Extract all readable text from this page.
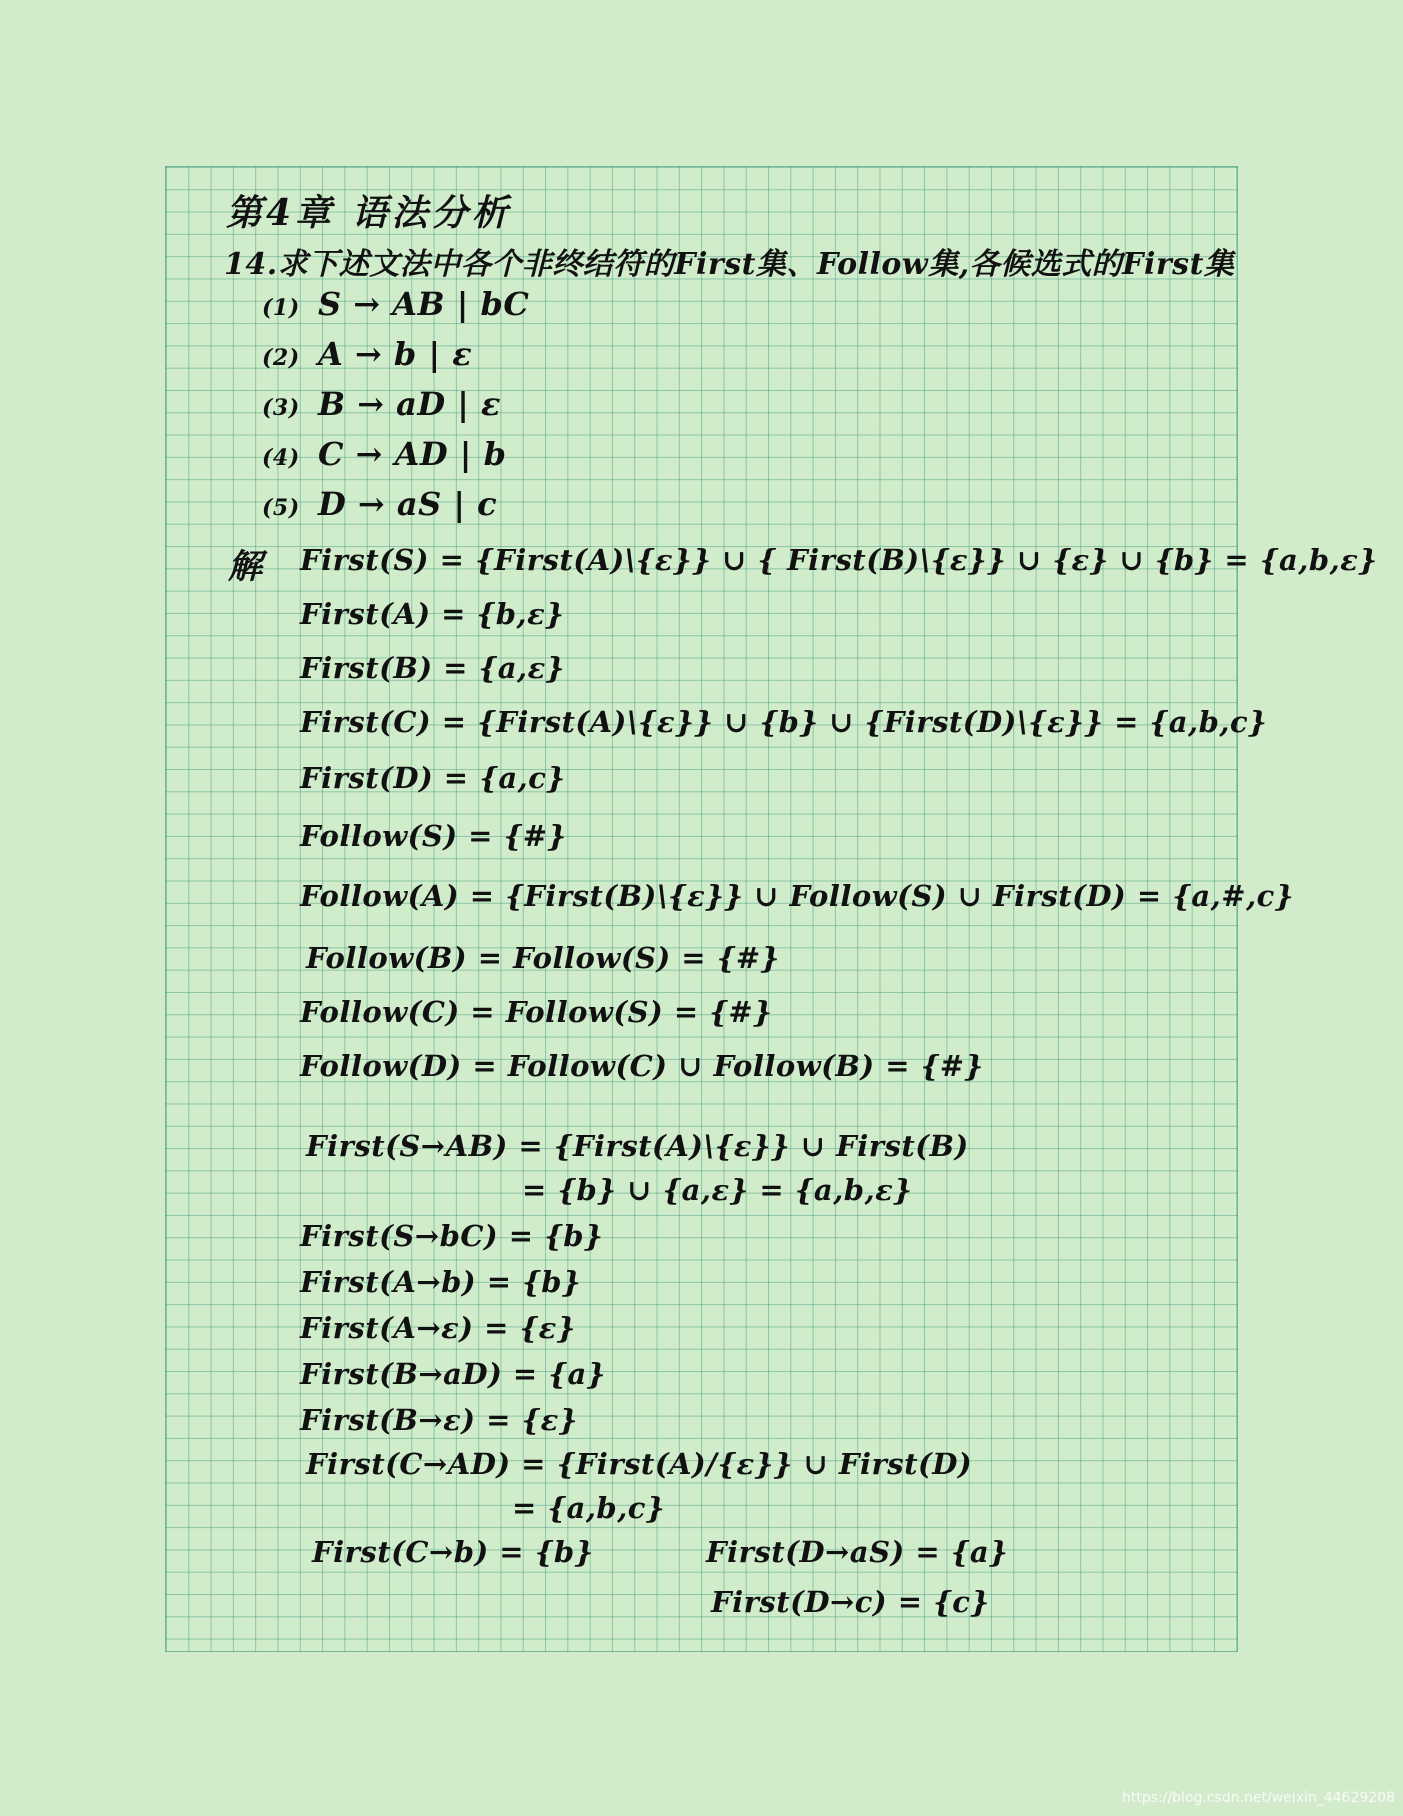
第4章 语法分析
14.求下述文法中各个非终结符的First集、Follow集,各候选式的First集
(1) S → AB | bC
(2) A → b | ε
(3) B → aD | ε
(4) C → AD | b
(5) D → aS | c
解 First(S) = {First(A)\{ε}} ∪ { First(B)\{ε}} ∪ {ε} ∪ {b} = {a,b,ε}
First(A) = {b,ε}
First(B) = {a,ε}
First(C) = {First(A)\{ε}} ∪ {b} ∪ {First(D)\{ε}} = {a,b,c}
First(D) = {a,c}
Follow(S) = {#}
Follow(A) = {First(B)\{ε}} ∪ Follow(S) ∪ First(D) = {a,#,c}
Follow(B) = Follow(S) = {#}
Follow(C) = Follow(S) = {#}
Follow(D) = Follow(C) ∪ Follow(B) = {#}
First(S→AB) = {First(A)\{ε}} ∪ First(B)
= {b} ∪ {a,ε} = {a,b,ε}
First(S→bC) = {b}
First(A→b) = {b}
First(A→ε) = {ε}
First(B→aD) = {a}
First(B→ε) = {ε}
First(C→AD) = {First(A)/{ε}} ∪ First(D)
= {a,b,c}
First(C→b) = {b}	First(D→aS) = {a}
First(D→c) = {c}
https://blog.csdn.net/weixin_44629208
